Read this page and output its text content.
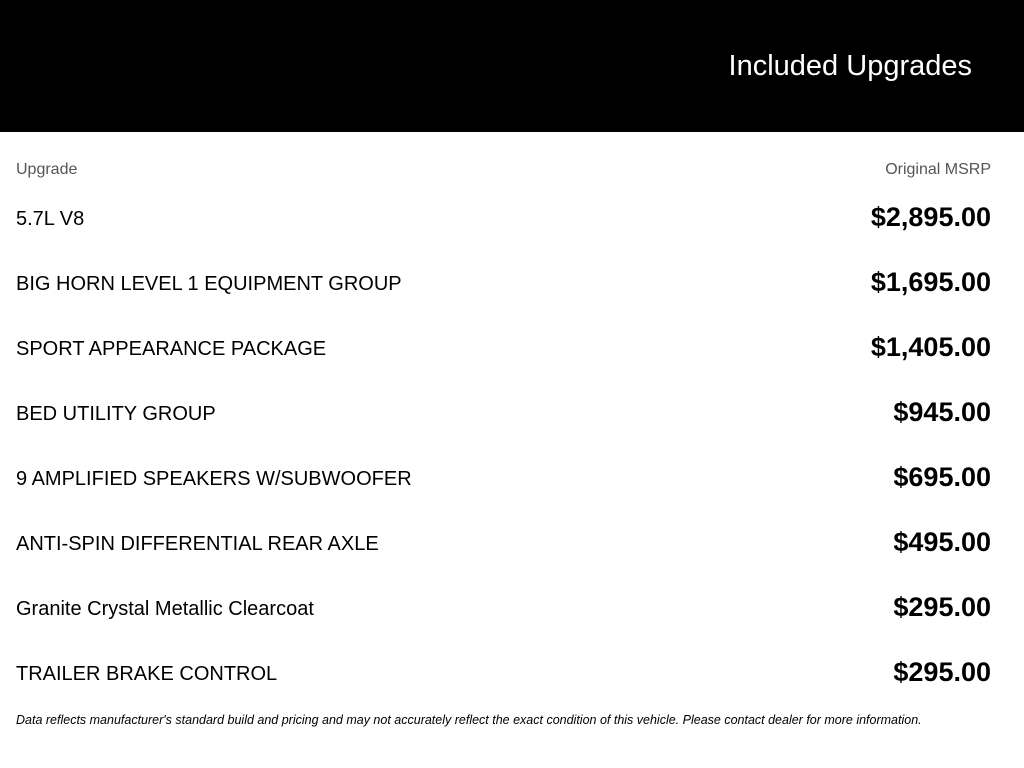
Included Upgrades
Upgrade	Original MSRP
5.7L V8	$2,895.00
BIG HORN LEVEL 1 EQUIPMENT GROUP	$1,695.00
SPORT APPEARANCE PACKAGE	$1,405.00
BED UTILITY GROUP	$945.00
9 AMPLIFIED SPEAKERS W/SUBWOOFER	$695.00
ANTI-SPIN DIFFERENTIAL REAR AXLE	$495.00
Granite Crystal Metallic Clearcoat	$295.00
TRAILER BRAKE CONTROL	$295.00
Data reflects manufacturer's standard build and pricing and may not accurately reflect the exact condition of this vehicle. Please contact dealer for more information.
